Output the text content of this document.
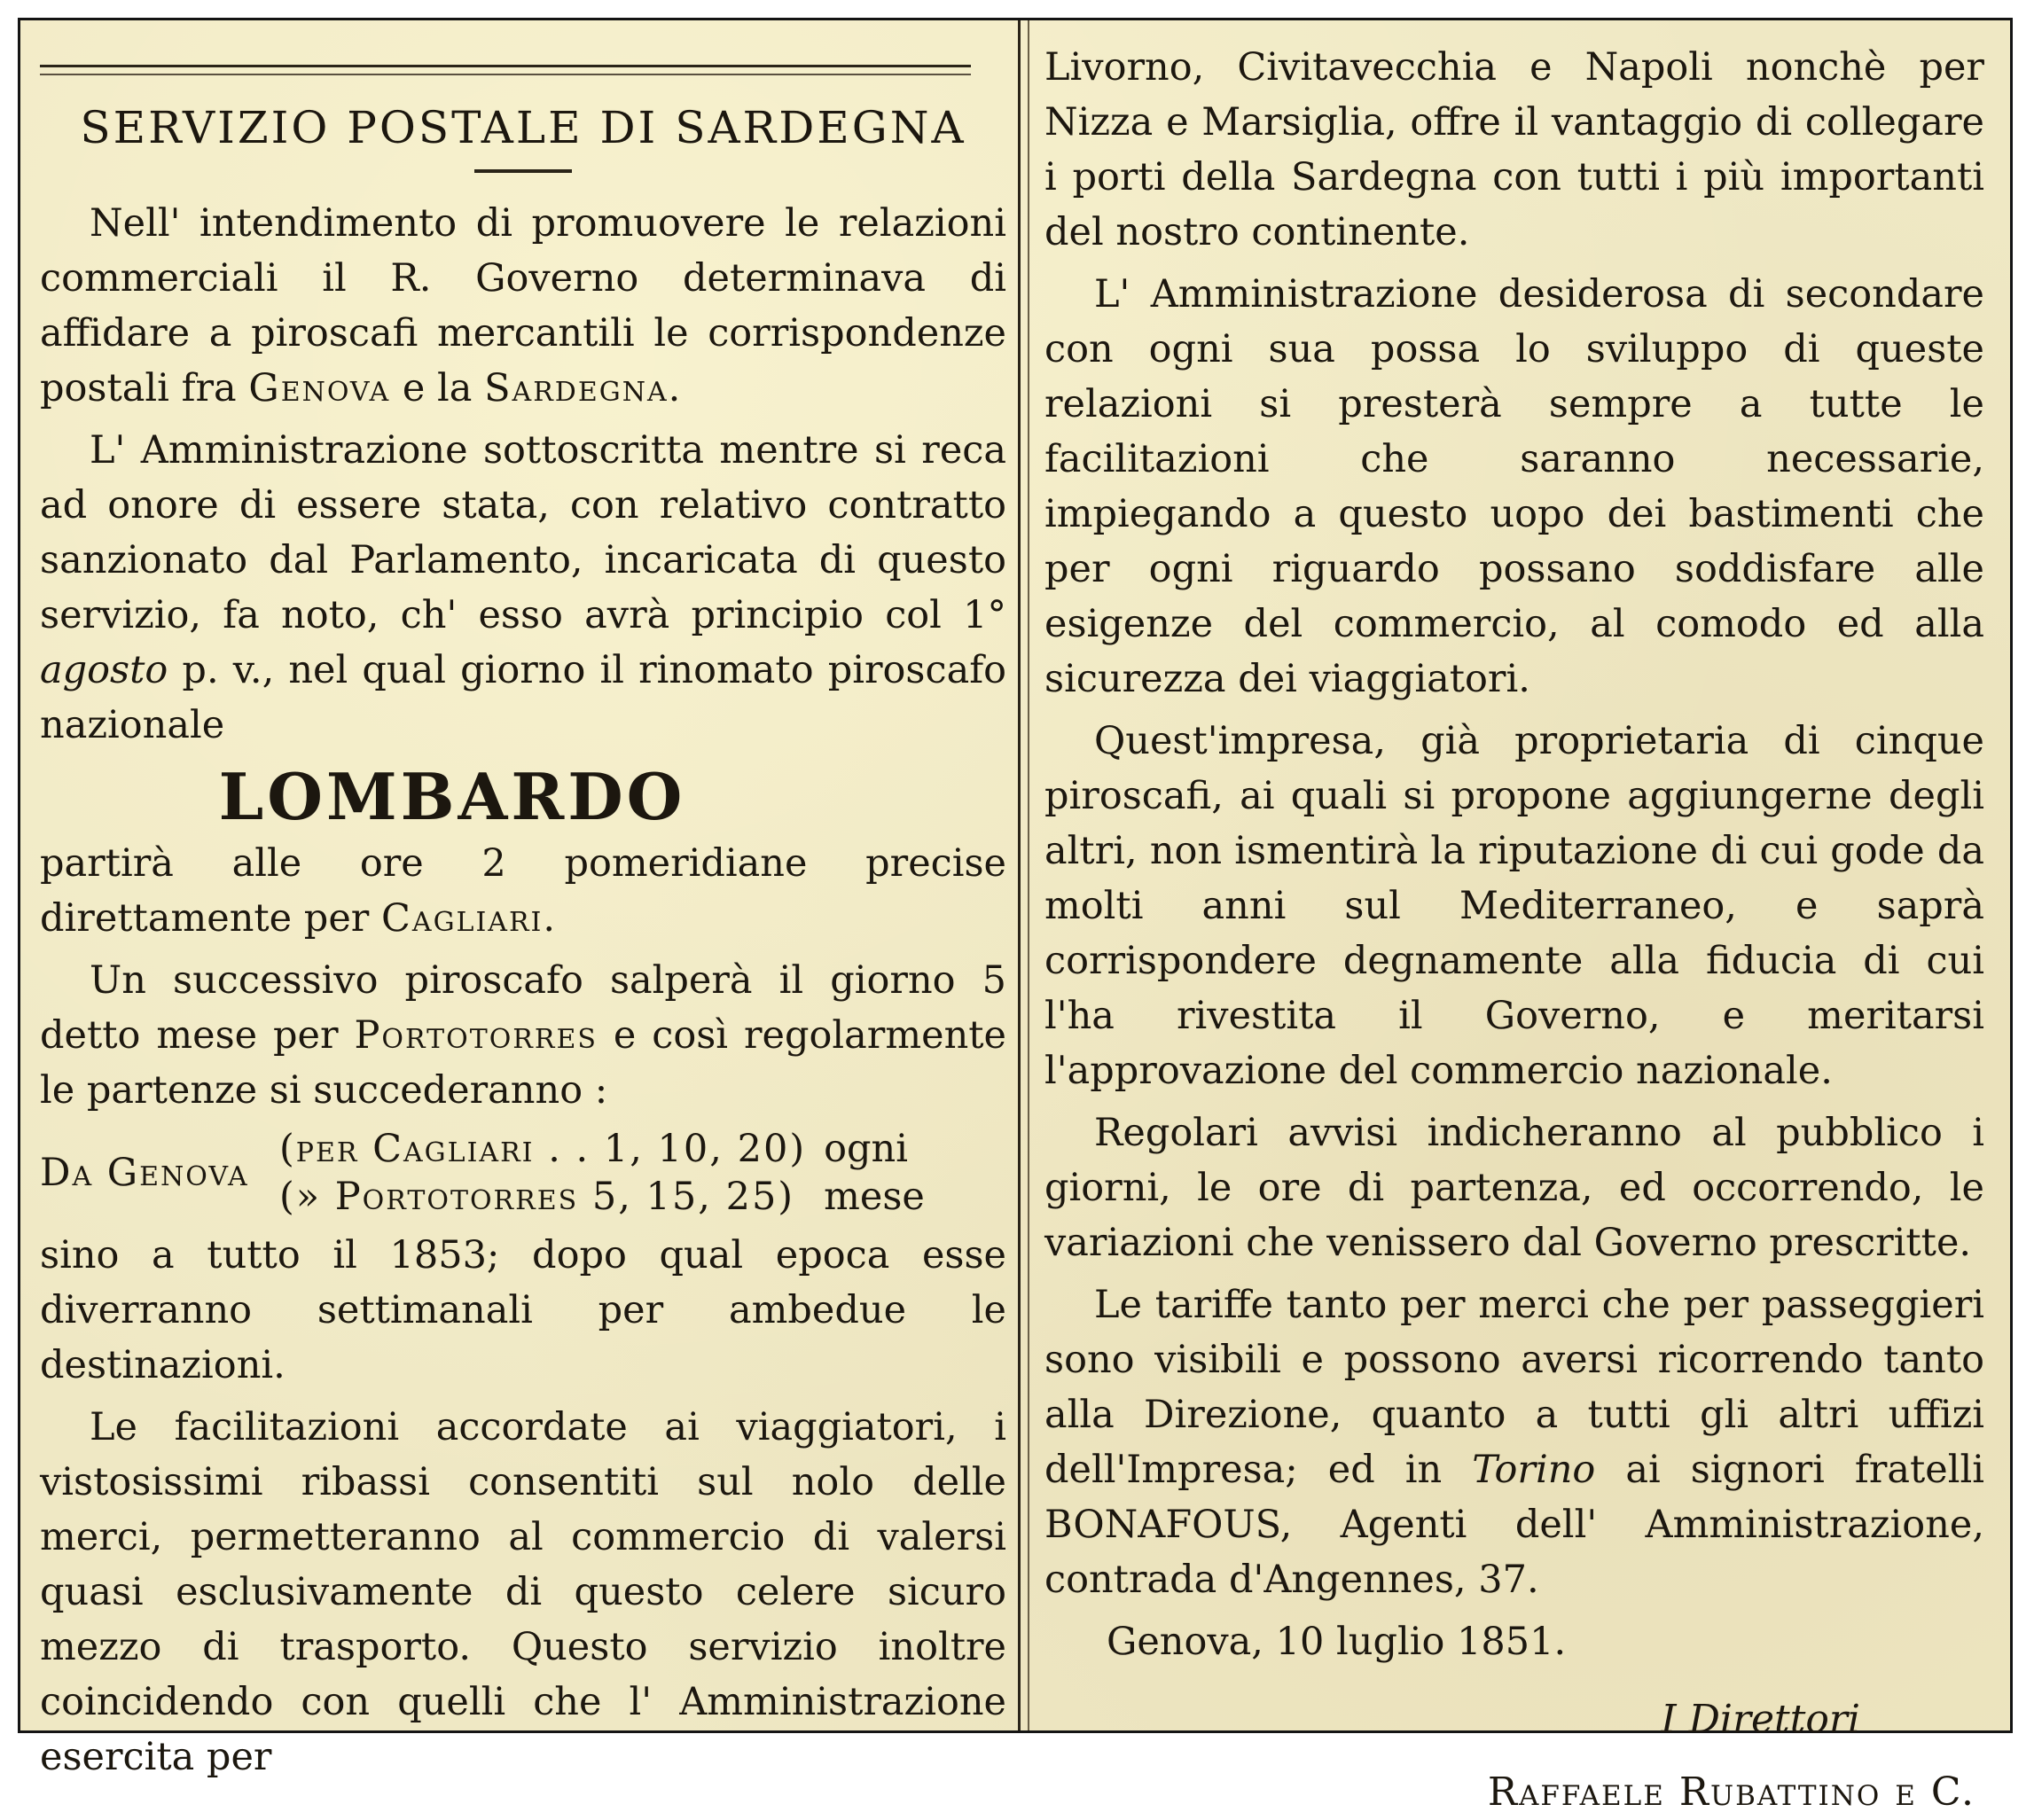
SERVIZIO POSTALE DI SARDEGNA

Nell' intendimento di promuovere le relazioni commerciali il R. Governo determinava di affidare a piroscafi mercantili le corrispondenze postali fra Genova e la Sardegna.

L' Amministrazione sottoscritta mentre si reca ad onore di essere stata, con relativo contratto sanzionato dal Parlamento, incaricata di questo servizio, fa noto, ch' esso avrà principio col 1° agosto p. v., nel qual giorno il rinomato piroscafo nazionale

LOMBARDO

partirà alle ore 2 pomeridiane precise direttamente per Cagliari.

Un successivo piroscafo salperà il giorno 5 detto mese per Portotorres e così regolarmente le partenze si succederanno :

Da Genova
(per Cagliari . . 1, 10, 20)
(» Portotorres 5, 15, 25)
ogni
mese

sino a tutto il 1853; dopo qual epoca esse diverranno settimanali per ambedue le destinazioni.

Le facilitazioni accordate ai viaggiatori, i vistosissimi ribassi consentiti sul nolo delle merci, permetteranno al commercio di valersi quasi esclusivamente di questo celere sicuro mezzo di trasporto. Questo servizio inoltre coincidendo con quelli che l' Amministrazione esercita per

Livorno, Civitavecchia e Napoli nonchè per Nizza e Marsiglia, offre il vantaggio di collegare i porti della Sardegna con tutti i più importanti del nostro continente.

L' Amministrazione desiderosa di secondare con ogni sua possa lo sviluppo di queste relazioni si presterà sempre a tutte le facilitazioni che saranno necessarie, impiegando a questo uopo dei bastimenti che per ogni riguardo possano soddisfare alle esigenze del commercio, al comodo ed alla sicurezza dei viaggiatori.

Quest'impresa, già proprietaria di cinque piroscafi, ai quali si propone aggiungerne degli altri, non ismentirà la riputazione di cui gode da molti anni sul Mediterraneo, e saprà corrispondere degnamente alla fiducia di cui l'ha rivestita il Governo, e meritarsi l'approvazione del commercio nazionale.

Regolari avvisi indicheranno al pubblico i giorni, le ore di partenza, ed occorrendo, le variazioni che venissero dal Governo prescritte.

Le tariffe tanto per merci che per passeggieri sono visibili e possono aversi ricorrendo tanto alla Direzione, quanto a tutti gli altri uffizi dell'Impresa; ed in Torino ai signori fratelli BONAFOUS, Agenti dell' Amministrazione, contrada d'Angennes, 37.

Genova, 10 luglio 1851.

I Direttori
Raffaele Rubattino e C.
